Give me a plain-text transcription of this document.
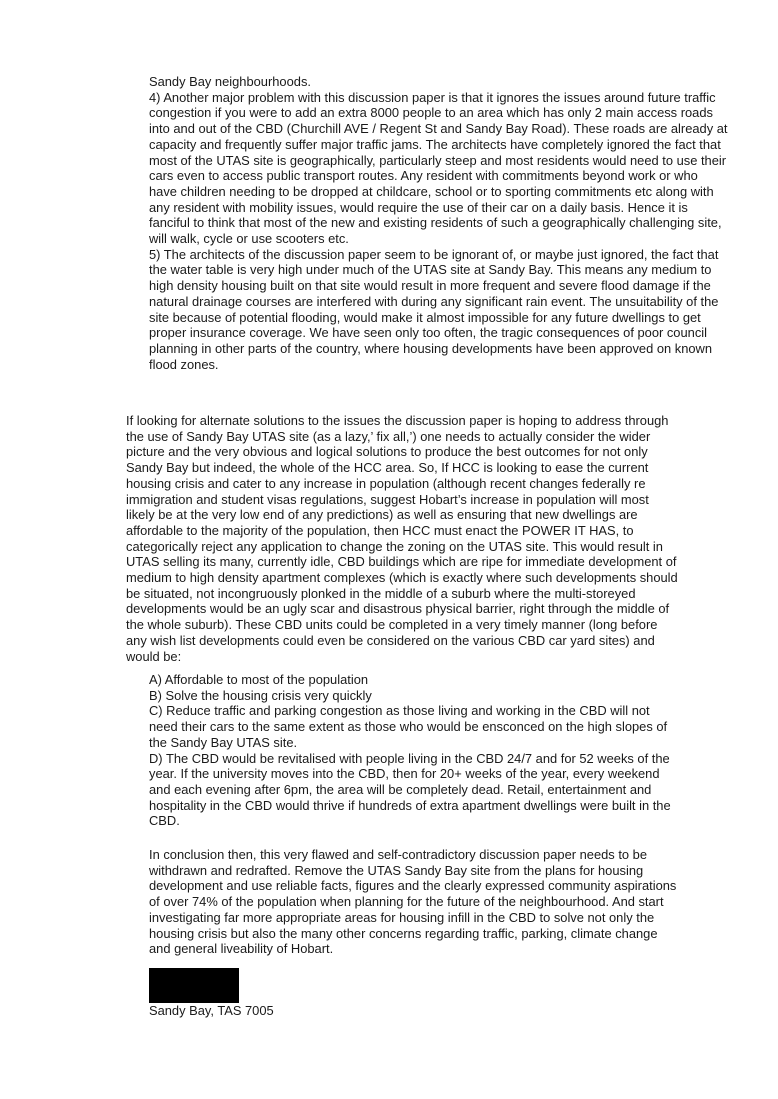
Sandy Bay neighbourhoods.

4) Another major problem with this discussion paper is that it ignores the issues around future traffic congestion if you were to add an extra 8000 people to an area which has only 2 main access roads into and out of the CBD (Churchill AVE / Regent St and Sandy Bay Road). These roads are already at capacity and frequently suffer major traffic jams. The architects have completely ignored the fact that most of the UTAS site is geographically, particularly steep and most residents would need to use their cars even to access public transport routes. Any resident with commitments beyond work or who have children needing to be dropped at childcare, school or to sporting commitments etc along with any resident with mobility issues, would require the use of their car on a daily basis. Hence it is fanciful to think that most of the new and existing residents of such a geographically challenging site, will walk, cycle or use scooters etc.

5) The architects of the discussion paper seem to be ignorant of, or maybe just ignored, the fact that the water table is very high under much of the UTAS site at Sandy Bay. This means any medium to high density housing built on that site would result in more frequent and severe flood damage if the natural drainage courses are interfered with during any significant rain event. The unsuitability of the site because of potential flooding, would make it almost impossible for any future dwellings to get proper insurance coverage. We have seen only too often, the tragic consequences of poor council planning in other parts of the country, where housing developments have been approved on known flood zones.

If looking for alternate solutions to the issues the discussion paper is hoping to address through the use of Sandy Bay UTAS site (as a lazy,’ fix all,’) one needs to actually consider the wider picture and the very obvious and logical solutions to produce the best outcomes for not only Sandy Bay but indeed, the whole of the HCC area. So, If HCC is looking to ease the current housing crisis and cater to any increase in population (although recent changes federally re immigration and student visas regulations, suggest Hobart’s increase in population will most likely be at the very low end of any predictions) as well as ensuring that new dwellings are affordable to the majority of the population, then HCC must enact the POWER IT HAS, to categorically reject any application to change the zoning on the UTAS site. This would result in UTAS selling its many, currently idle, CBD buildings which are ripe for immediate development of medium to high density apartment complexes (which is exactly where such developments should be situated, not incongruously plonked in the middle of a suburb where the multi-storeyed developments would be an ugly scar and disastrous physical barrier, right through the middle of the whole suburb). These CBD units could be completed in a very timely manner (long before any wish list developments could even be considered on the various CBD car yard sites) and would be:

A) Affordable to most of the population

B) Solve the housing crisis very quickly

C) Reduce traffic and parking congestion as those living and working in the CBD will not need their cars to the same extent as those who would be ensconced on the high slopes of the Sandy Bay UTAS site.

D) The CBD would be revitalised with people living in the CBD 24/7 and for 52 weeks of the year. If the university moves into the CBD, then for 20+ weeks of the year, every weekend and each evening after 6pm, the area will be completely dead. Retail, entertainment and hospitality in the CBD would thrive if hundreds of extra apartment dwellings were built in the CBD.

In conclusion then, this very flawed and self-contradictory discussion paper needs to be withdrawn and redrafted. Remove the UTAS Sandy Bay site from the plans for housing development and use reliable facts, figures and the clearly expressed community aspirations of over 74% of the population when planning for the future of the neighbourhood. And start investigating far more appropriate areas for housing infill in the CBD to solve not only the housing crisis but also the many other concerns regarding traffic, parking, climate change and general liveability of Hobart.

Sandy Bay, TAS 7005
